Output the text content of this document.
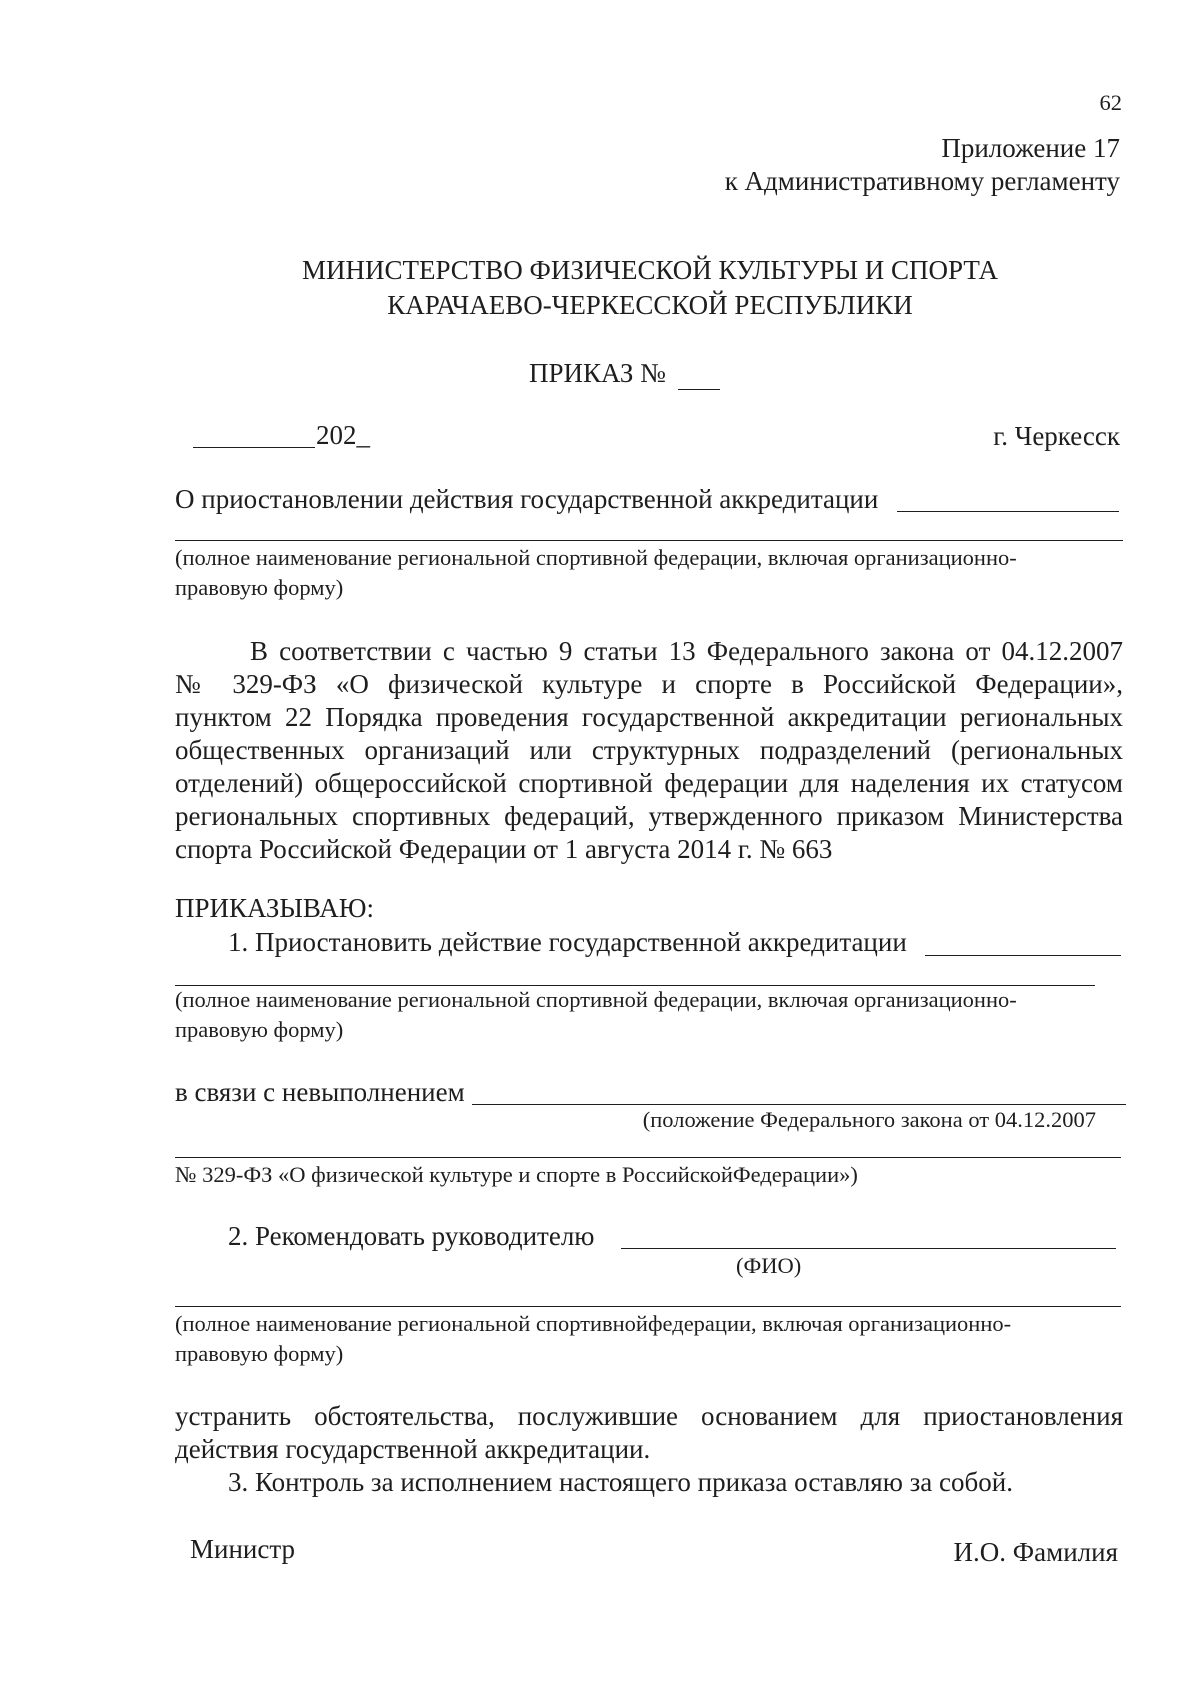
62
Приложение 17
к Административному регламенту
МИНИСТЕРСТВО ФИЗИЧЕСКОЙ КУЛЬТУРЫ И СПОРТА
КАРАЧАЕВО-ЧЕРКЕССКОЙ РЕСПУБЛИКИ
ПРИКАЗ №
202_	г. Черкесск
О приостановлении действия государственной аккредитации
(полное наименование региональной спортивной федерации, включая организационно-
правовую форму)
В соответствии с частью 9 статьи 13 Федерального закона от 04.12.2007
№ 329-ФЗ «О физической культуре и спорте в Российской Федерации»,
пунктом 22 Порядка проведения государственной аккредитации региональных
общественных организаций или структурных подразделений (региональных
отделений) общероссийской спортивной федерации для наделения их статусом
региональных спортивных федераций, утвержденного приказом Министерства
спорта Российской Федерации от 1 августа 2014 г. № 663
ПРИКАЗЫВАЮ:
1. Приостановить действие государственной аккредитации
(полное наименование региональной спортивной федерации, включая организационно-
правовую форму)
в связи с невыполнением
(положение Федерального закона от 04.12.2007
№ 329-ФЗ «О физической культуре и спорте в РоссийскойФедерации»)
2. Рекомендовать руководителю
(ФИО)
(полное наименование региональной спортивнойфедерации, включая организационно-
правовую форму)
устранить обстоятельства, послужившие основанием для приостановления
действия государственной аккредитации.
3. Контроль за исполнением настоящего приказа оставляю за собой.
Министр	И.О. Фамилия
